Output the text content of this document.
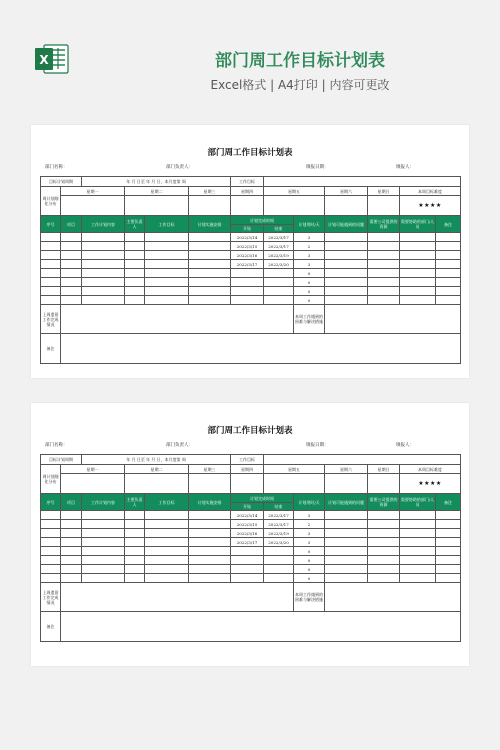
X	部门周工作目标计划表
Excel格式 | A4打印 | 内容可更改
部门周工作目标计划表
部门名称：	部门负责人：	填报日期：	填报人：
目标计划周期		年 月 日至 年 月 日，本月度第 周				工作目标						
周计划细化分布	星期一		星期二		星期三	星期四	星期五		星期六	星期日	本周目标难度	
											★★★★	
序号	项目	工作计划内容	主要负责人	工作目标	计划实施安排	计划完成时间		计划用时/天	计划可能遇到的问题	需要公司提供的资源	需要协助的部门/人员	备注
						开始	结束					
						2022/3/14	2022/3/17	3				
						2022/3/15	2022/3/17	2				
						2022/3/16	2022/3/19	3				
						2022/3/17	2022/3/20	3				
								0				
								0				
								0				
								0				
上周遗留工作完成情况								本周工作遇到的困难与解决措施				
备注												
部门周工作目标计划表
部门名称：	部门负责人：	填报日期：	填报人：
目标计划周期		年 月 日至 年 月 日，本月度第 周				工作目标						
周计划细化分布	星期一		星期二		星期三	星期四	星期五		星期六	星期日	本周目标难度	
											★★★★	
序号	项目	工作计划内容	主要负责人	工作目标	计划实施安排	计划完成时间		计划用时/天	计划可能遇到的问题	需要公司提供的资源	需要协助的部门/人员	备注
						开始	结束					
						2022/3/14	2022/3/17	3				
						2022/3/15	2022/3/17	2				
						2022/3/16	2022/3/19	3				
						2022/3/17	2022/3/20	3				
								0				
								0				
								0				
								0				
上周遗留工作完成情况								本周工作遇到的困难与解决措施				
备注												
